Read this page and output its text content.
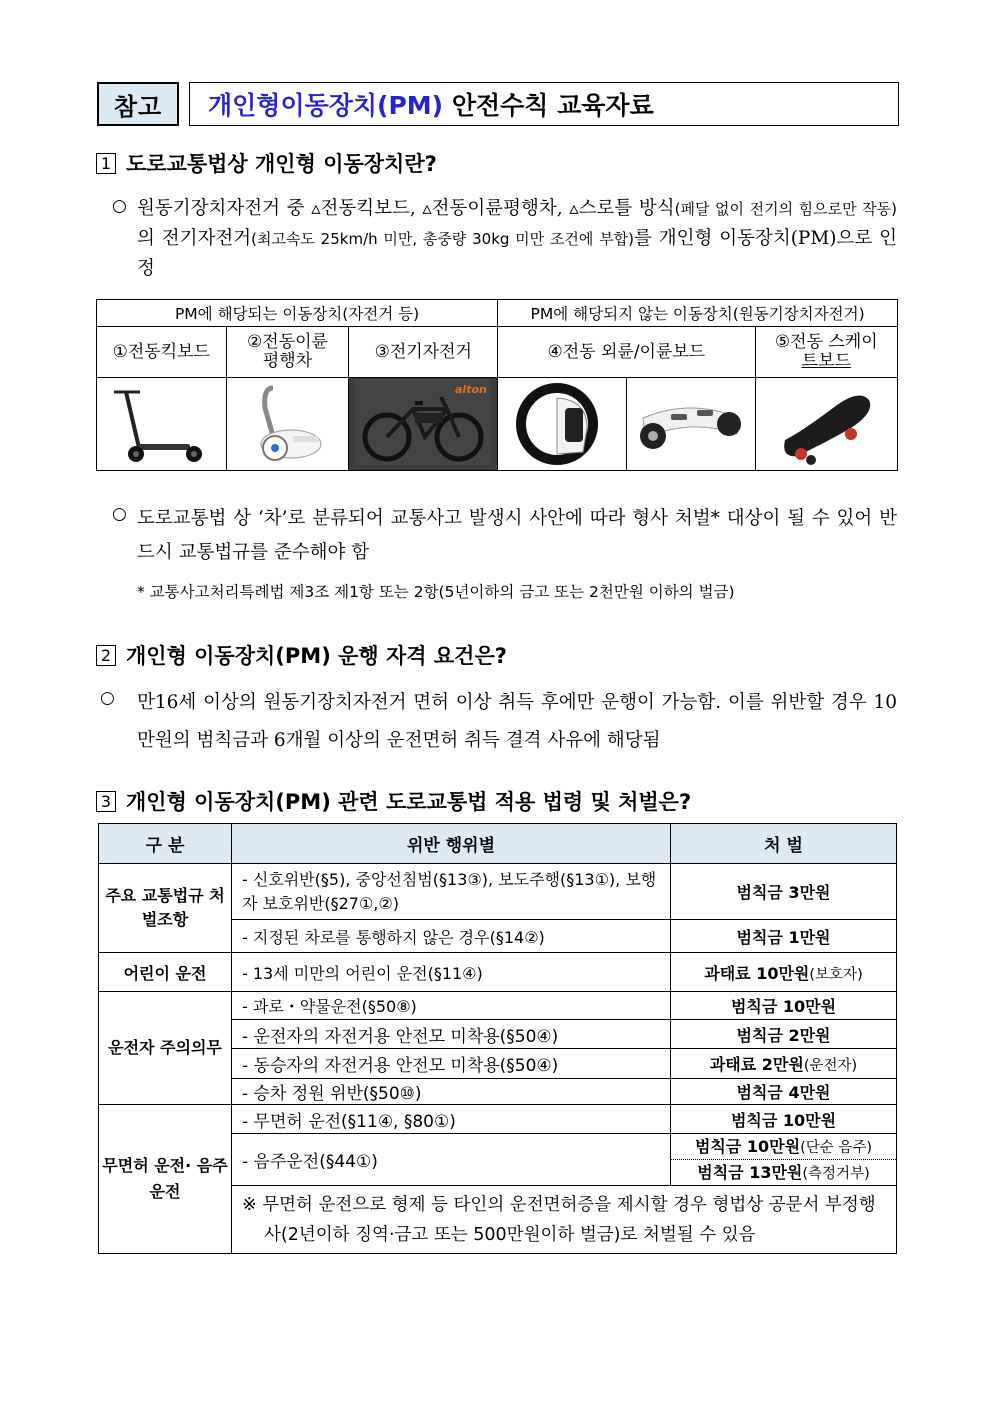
참고	개인형이동장치(PM) 안전수칙 교육자료
1 도로교통법상 개인형 이동장치란?
○ 원동기장치자전거 중 ▵전동킥보드, ▵전동이륜평행차, ▵스로틀 방식(페달 없이 전기의 힘으로만 작동)의 전기자전거(최고속도 25km/h 미만, 총중량 30kg 미만 조건에 부합)를 개인형 이동장치(PM)으로 인정
PM에 해당되는 이동장치(자전거 등)			PM에 해당되지 않는 이동장치(원동기장치자전거)		
①전동킥보드	②전동이륜
평행차	③전기자전거	④전동 외륜/이륜보드		⑤전동 스케이
트보드

alton

○ 도로교통법 상 ‘차’로 분류되어 교통사고 발생시 사안에 따라 형사 처벌* 대상이 될 수 있어 반드시 교통법규를 준수해야 함
* 교통사고처리특례법 제3조 제1항 또는 2항(5년이하의 금고 또는 2천만원 이하의 벌금)
2 개인형 이동장치(PM) 운행 자격 요건은?
○ 만16세 이상의 원동기장치자전거 면허 이상 취득 후에만 운행이 가능함. 이를 위반할 경우 10만원의 범칙금과 6개월 이상의 운전면허 취득 결격 사유에 해당됨
3 개인형 이동장치(PM) 관련 도로교통법 적용 법령 및 처벌은?
구 분	위반 행위별	처 벌
주요 교통법규 처벌조항	- 신호위반(§5), 중앙선침범(§13③), 보도주행(§13①), 보행자 보호위반(§27①,②)	범칙금 3만원
	- 지정된 차로를 통행하지 않은 경우(§14②)	범칙금 1만원
어린이 운전	- 13세 미만의 어린이 운전(§11④)	과태료 10만원(보호자)
운전자 주의의무	- 과로・약물운전(§50⑧)	범칙금 10만원
	- 운전자의 자전거용 안전모 미착용(§50④)	범칙금 2만원
	- 동승자의 자전거용 안전모 미착용(§50④)	과태료 2만원(운전자)
	- 승차 정원 위반(§50⑩)	범칙금 4만원
무면허 운전· 음주 운전	- 무면허 운전(§11④, §80①)	범칙금 10만원
	- 음주운전(§44①)	범칙금 10만원(단순 음주)
범칙금 13만원(측정거부)

	※ 무면허 운전으로 형제 등 타인의 운전면허증을 제시할 경우 형법상 공문서 부정행사(2년이하 징역·금고 또는 500만원이하 벌금)로 처벌될 수 있음	
